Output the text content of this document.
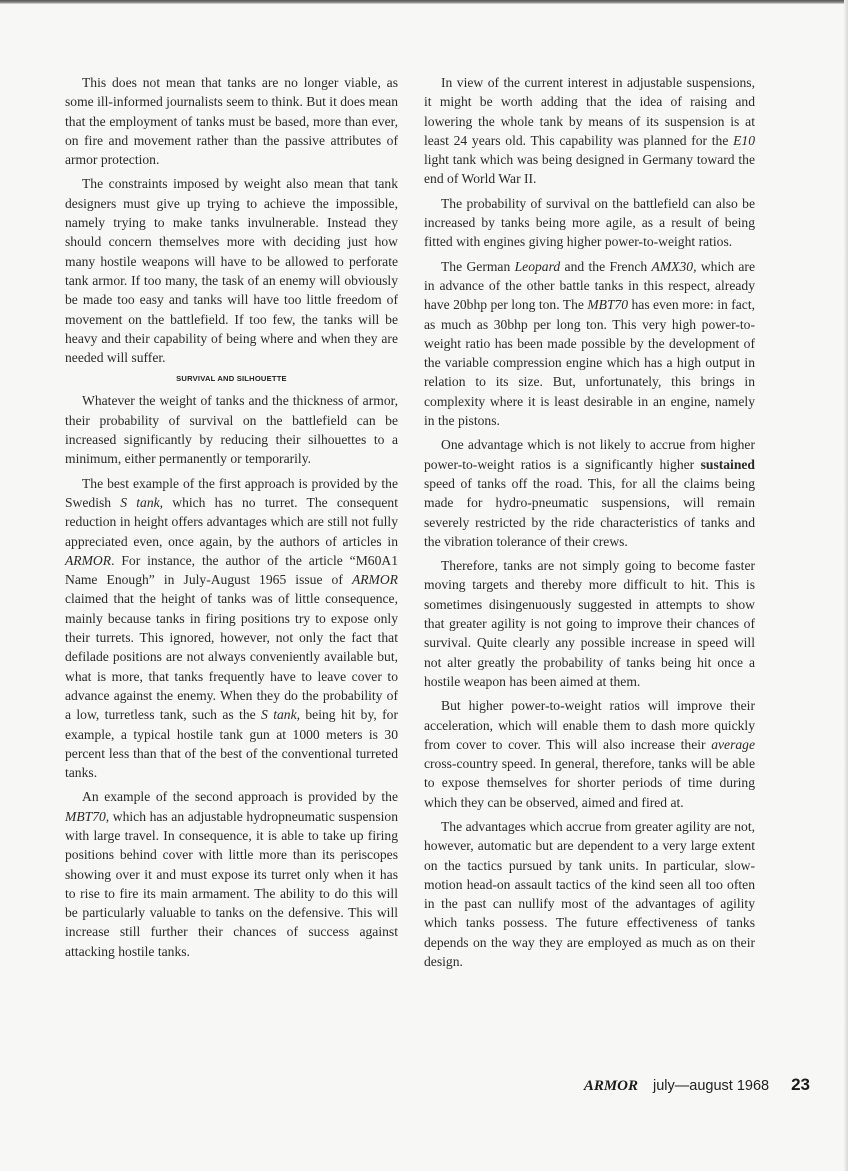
This does not mean that tanks are no longer viable, as some ill-informed journalists seem to think. But it does mean that the employment of tanks must be based, more than ever, on fire and movement rather than the passive attributes of armor protection.

The constraints imposed by weight also mean that tank designers must give up trying to achieve the impossible, namely trying to make tanks invulnerable. Instead they should concern themselves more with deciding just how many hostile weapons will have to be allowed to perforate tank armor. If too many, the task of an enemy will obviously be made too easy and tanks will have too little freedom of movement on the battlefield. If too few, the tanks will be heavy and their capability of being where and when they are needed will suffer.

SURVIVAL AND SILHOUETTE

Whatever the weight of tanks and the thickness of armor, their probability of survival on the battlefield can be increased significantly by reducing their silhouettes to a minimum, either permanently or temporarily.

The best example of the first approach is provided by the Swedish S tank, which has no turret. The consequent reduction in height offers advantages which are still not fully appreciated even, once again, by the authors of articles in ARMOR. For instance, the author of the article “M60A1 Name Enough” in July-August 1965 issue of ARMOR claimed that the height of tanks was of little consequence, mainly because tanks in firing positions try to expose only their turrets. This ignored, however, not only the fact that defilade positions are not always conveniently available but, what is more, that tanks frequently have to leave cover to advance against the enemy. When they do the probability of a low, turretless tank, such as the S tank, being hit by, for example, a typical hostile tank gun at 1000 meters is 30 percent less than that of the best of the conventional turreted tanks.

An example of the second approach is provided by the MBT70, which has an adjustable hydropneumatic suspension with large travel. In consequence, it is able to take up firing positions behind cover with little more than its periscopes showing over it and must expose its turret only when it has to rise to fire its main armament. The ability to do this will be particularly valuable to tanks on the defensive. This will increase still further their chances of success against attacking hostile tanks.

In view of the current interest in adjustable suspensions, it might be worth adding that the idea of raising and lowering the whole tank by means of its suspension is at least 24 years old. This capability was planned for the E10 light tank which was being designed in Germany toward the end of World War II.

The probability of survival on the battlefield can also be increased by tanks being more agile, as a result of being fitted with engines giving higher power-to-weight ratios.

The German Leopard and the French AMX30, which are in advance of the other battle tanks in this respect, already have 20bhp per long ton. The MBT70 has even more: in fact, as much as 30bhp per long ton. This very high power-to-weight ratio has been made possible by the development of the variable compression engine which has a high output in relation to its size. But, unfortunately, this brings in complexity where it is least desirable in an engine, namely in the pistons.

One advantage which is not likely to accrue from higher power-to-weight ratios is a significantly higher sustained speed of tanks off the road. This, for all the claims being made for hydro-pneumatic suspensions, will remain severely restricted by the ride characteristics of tanks and the vibration tolerance of their crews.

Therefore, tanks are not simply going to become faster moving targets and thereby more difficult to hit. This is sometimes disingenuously suggested in attempts to show that greater agility is not going to improve their chances of survival. Quite clearly any possible increase in speed will not alter greatly the probability of tanks being hit once a hostile weapon has been aimed at them.

But higher power-to-weight ratios will improve their acceleration, which will enable them to dash more quickly from cover to cover. This will also increase their average cross-country speed. In general, therefore, tanks will be able to expose themselves for shorter periods of time during which they can be observed, aimed and fired at.

The advantages which accrue from greater agility are not, however, automatic but are dependent to a very large extent on the tactics pursued by tank units. In particular, slow-motion head-on assault tactics of the kind seen all too often in the past can nullify most of the advantages of agility which tanks possess. The future effectiveness of tanks depends on the way they are employed as much as on their design.

ARMOR july—august 1968 23
